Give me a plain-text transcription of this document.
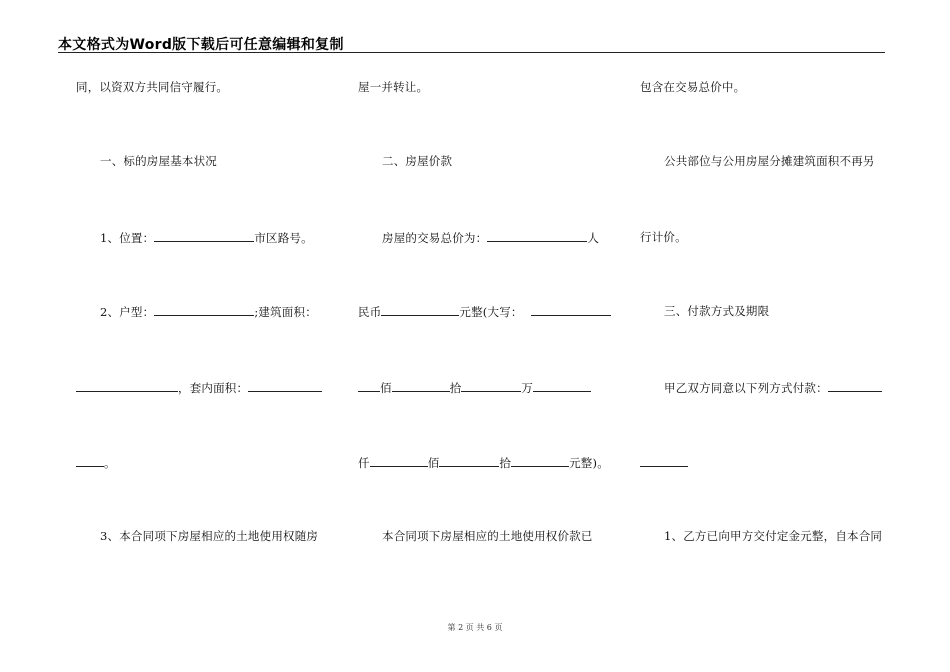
本文格式为Word版下载后可任意编辑和复制
同，以资双方共同信守履行。
一、标的房屋基本状况
1、位置：	市区路号。
2、户型：	;建筑面积：
，套内面积：
。
3、本合同项下房屋相应的土地使用权随房
屋一并转让。
二、房屋价款
房屋的交易总价为：	人
民币	元整(大写：
佰	拾	万
仟	佰	拾	元整)。
本合同项下房屋相应的土地使用权价款已
包含在交易总价中。
公共部位与公用房屋分摊建筑面积不再另
行计价。
三、付款方式及期限
甲乙双方同意以下列方式付款：
1、乙方已向甲方交付定金元整，自本合同
第 2 页 共 6 页
